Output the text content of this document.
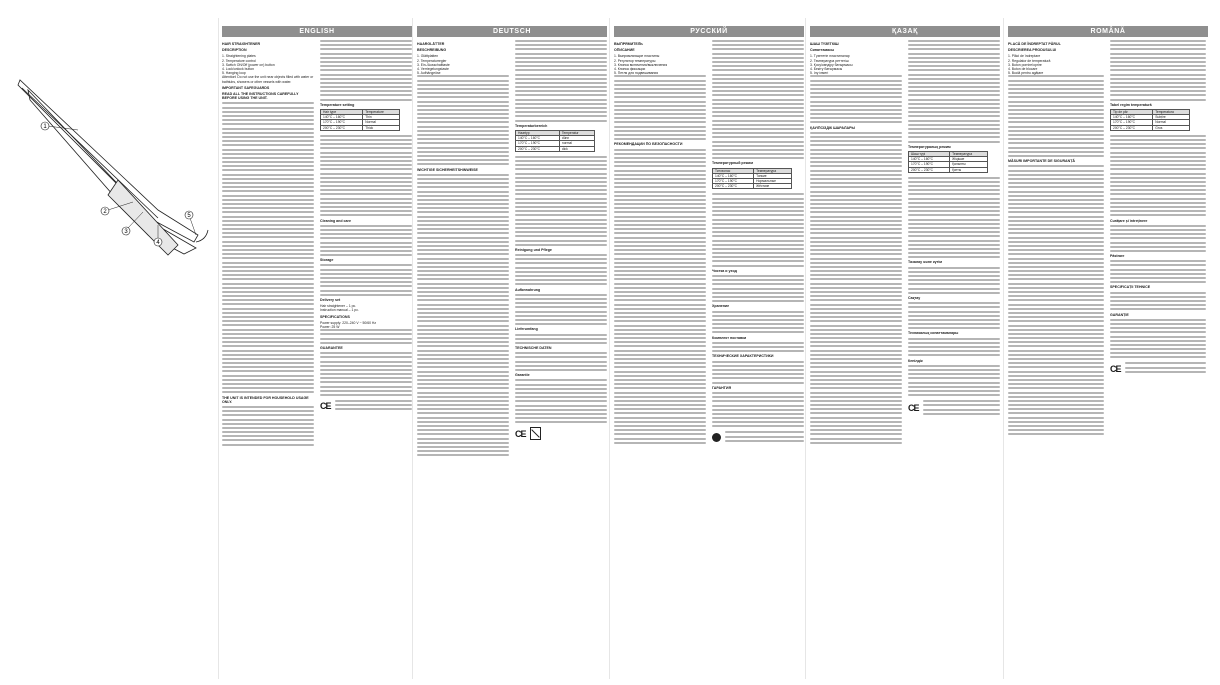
1
2
3
4
5
ENGLISH

HAIR STRAIGHTENER

DESCRIPTION

1. Straightening plates

2. Temperature control

3. Switch ON/Off (power on) button

4. Lock/unlock button

5. Hanging loop

Attention! Do not use the unit near objects filled with water or bathtubs, showers or other vessels with water.

IMPORTANT SAFEGUARDS

READ ALL THE INSTRUCTIONS CAREFULLY BEFORE USING THE UNIT.

THE UNIT IS INTENDED FOR HOUSEHOLD USAGE ONLY.

Temperature setting

Hair type	Temperature
140°C – 160°C	Thin
170°C – 190°C	Normal
200°C – 230°C	Thick

Cleaning and care

Storage

Delivery set

Hair straightener – 1 pc.

Instruction manual – 1 pc.

SPECIFICATIONS

Power supply: 220–240 V ~ 50/60 Hz

Power: 25 W

GUARANTEE

CE
DEUTSCH

HAARGLÄTTER

BESCHREIBUNG

1. Glättplatten

2. Temperaturregler

3. Ein-/Ausschalttaste

4. Verriegelungstaste

5. Aufhängeöse

WICHTIGE SICHERHEITSHINWEISE

Temperaturbereich

Haartyp	Temperatur
140°C – 160°C	dünn
170°C – 190°C	normal
200°C – 230°C	dick

Reinigung und Pflege

Aufbewahrung

Lieferumfang

TECHNISCHE DATEN

Garantie

CE
РУССКИЙ

ВЫПРЯМИТЕЛЬ

ОПИСАНИЕ

1. Выпрямляющие пластины

2. Регулятор температуры

3. Кнопка включения/выключения

4. Кнопка фиксации

5. Петля для подвешивания

РЕКОМЕНДАЦИИ ПО БЕЗОПАСНОСТИ

Температурный режим

Тип волос	Температура
140°C – 160°C	Тонкие
170°C – 190°C	Нормальные
200°C – 230°C	Жёсткие

Чистка и уход

Хранение

Комплект поставки

ТЕХНИЧЕСКИЕ ХАРАКТЕРИСТИКИ

ГАРАНТИЯ

ҚАЗАҚ

ШАШ ТҮЗЕТКІШ

Сипаттамасы

1. Түзететін пластиналар

2. Температура реттегіш

3. Қосу/сөндіру батырмасы

4. Бекіту батырмасы

5. Ілу ілмегі

ҚАУІПСІЗДІК ШАРАЛАРЫ

Температуралық режим

Шаш түрі	Температура
140°C – 160°C	Жіңішке
170°C – 190°C	Қалыпты
200°C – 230°C	Қатты

Тазалау және күтім

Сақтау

Техникалық сипаттамалары

Кепілдік

CE
ROMÂNĂ

PLACĂ DE ÎNDREPTAT PĂRUL

DESCRIEREA PRODUSULUI

1. Plăci de îndreptare

2. Regulator de temperatură

3. Buton pornire/oprire

4. Buton de blocare

5. Buclă pentru agățare

MĂSURI IMPORTANTE DE SIGURANȚĂ

Tabel regim temperatură

Tip de păr	Temperatura
140°C – 160°C	Subțire
170°C – 190°C	Normal
200°C – 230°C	Gros

Curățare și întreținere

Păstrare

SPECIFICAȚII TEHNICE

GARANȚIE

CE
